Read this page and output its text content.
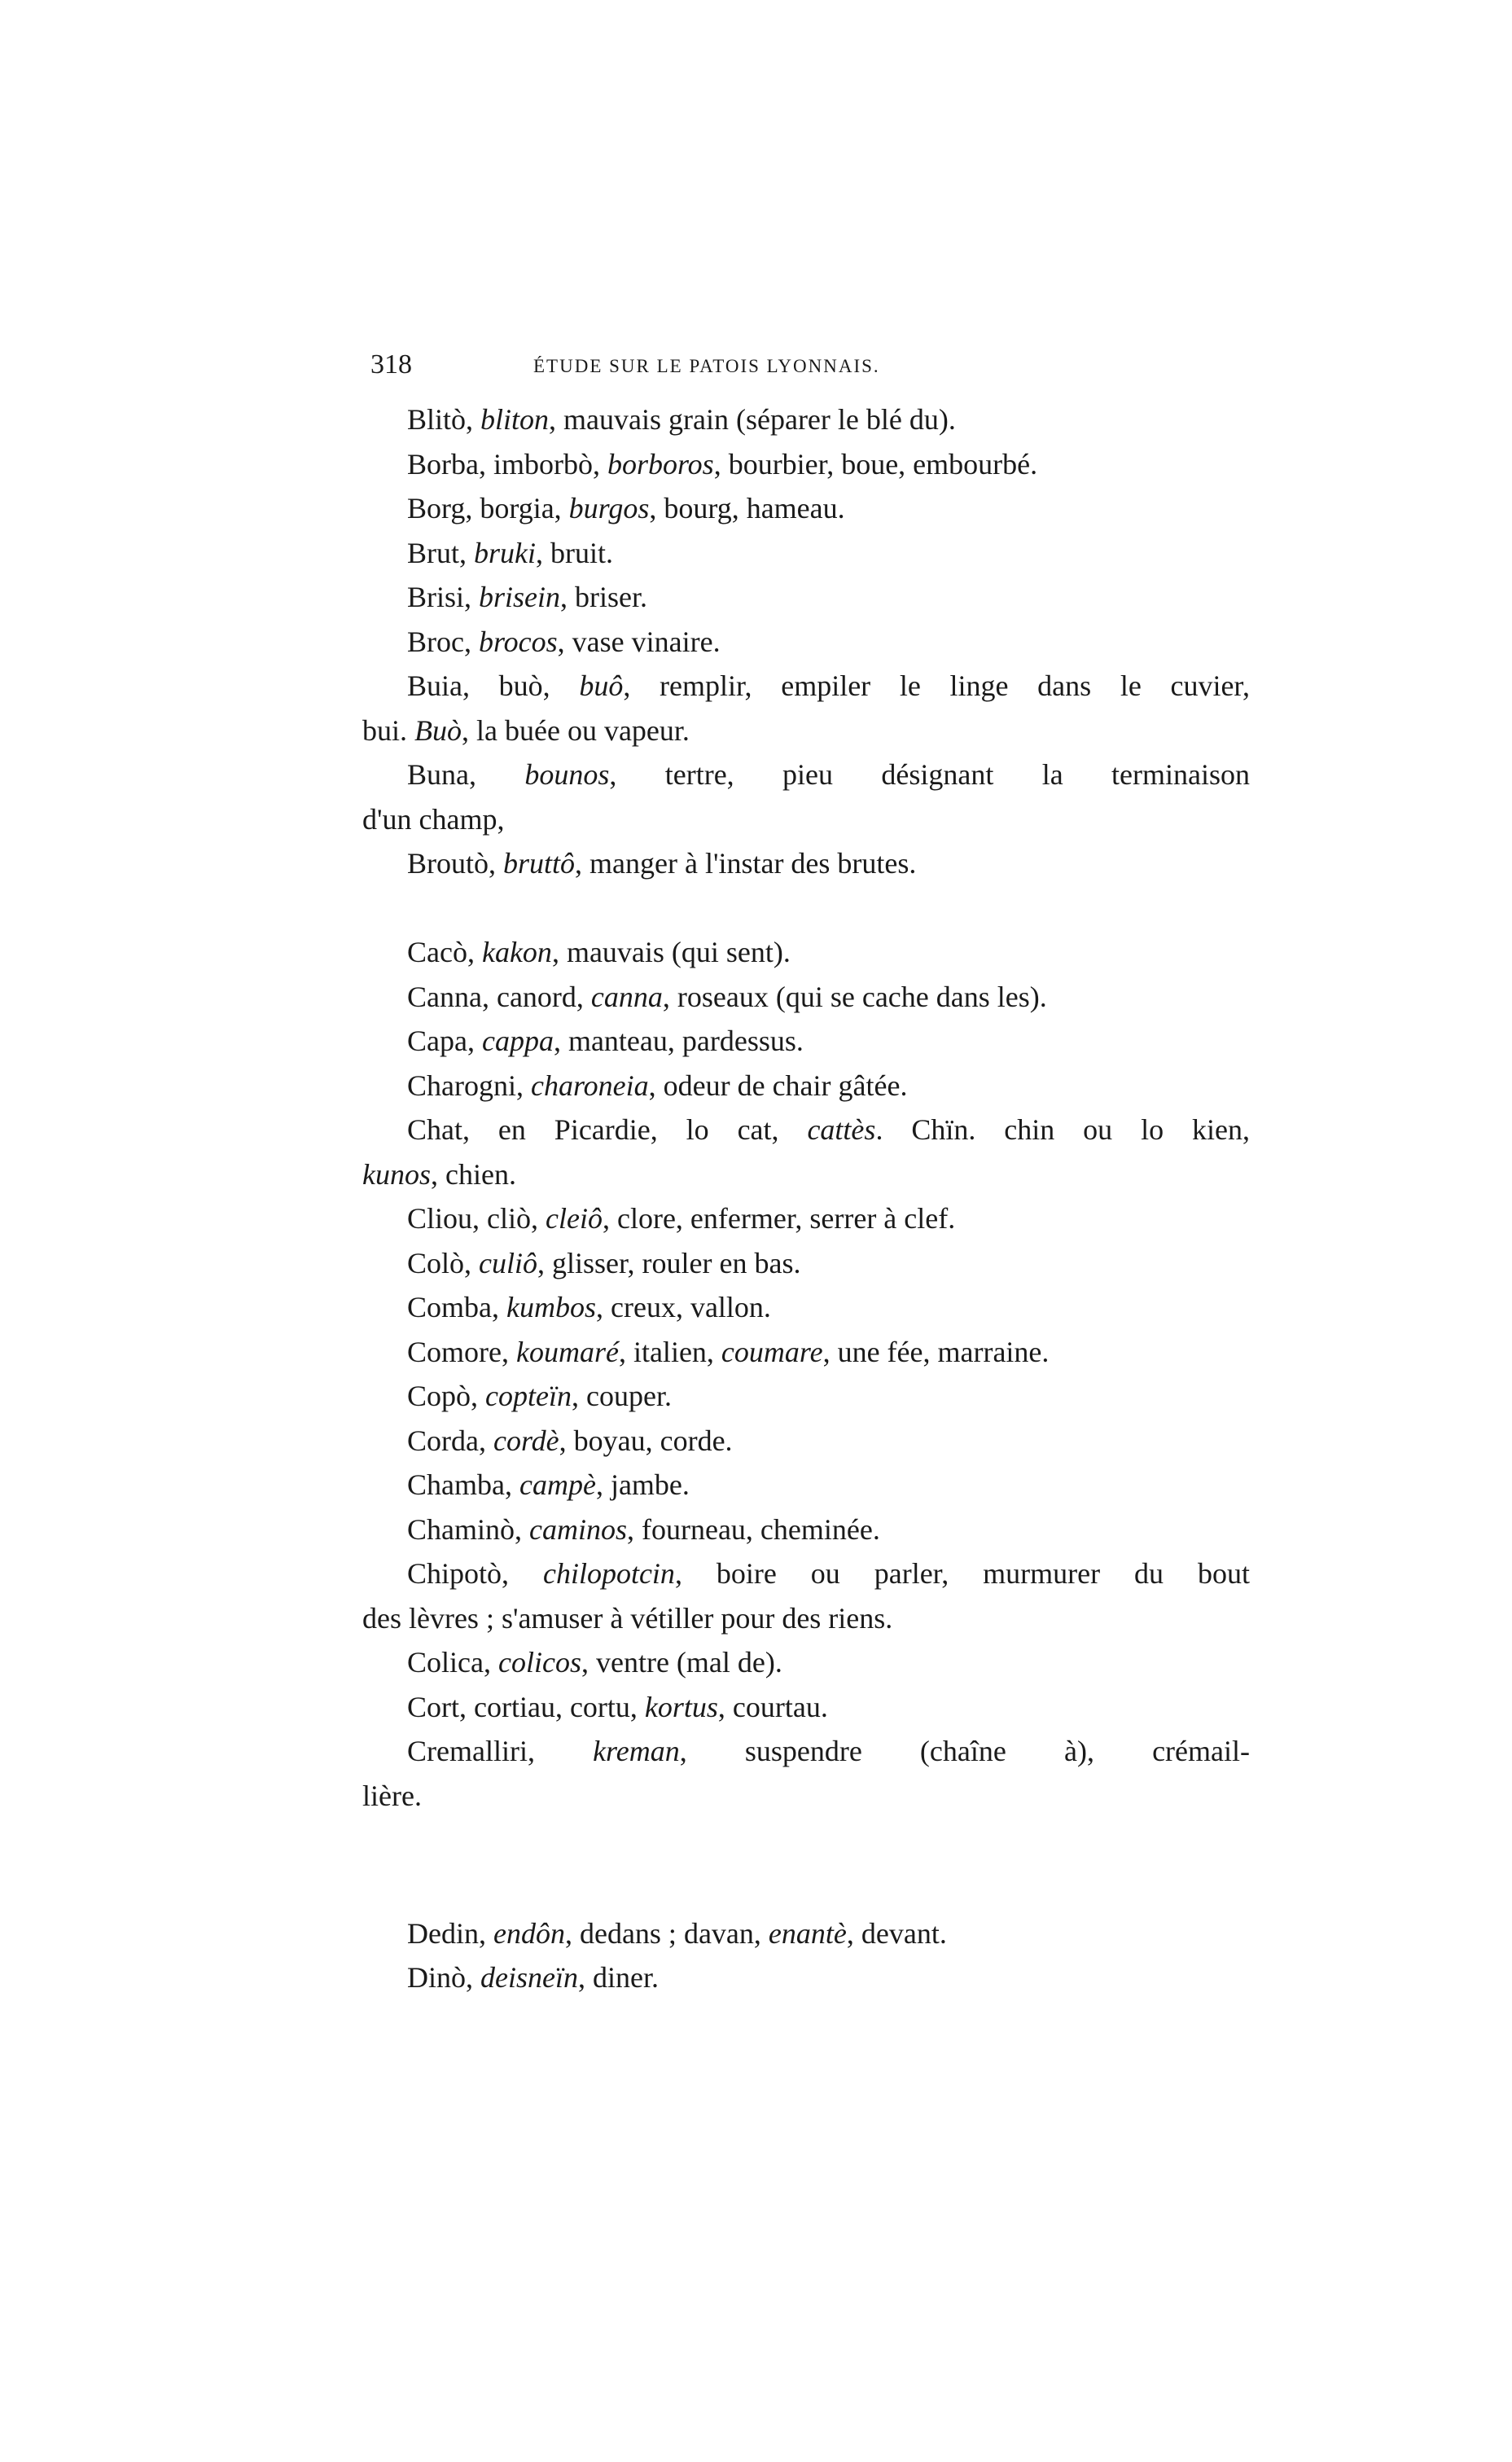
318	ÉTUDE SUR LE PATOIS LYONNAIS.
Blitò, bliton, mauvais grain (séparer le blé du).
Borba, imborbò, borboros, bourbier, boue, embourbé.
Borg, borgia, burgos, bourg, hameau.
Brut, bruki, bruit.
Brisi, brisein, briser.
Broc, brocos, vase vinaire.
Buia, buò, buô, remplir, empiler le linge dans le cuvier,
bui. Buò, la buée ou vapeur.
Buna, bounos, tertre, pieu désignant la terminaison
d'un champ,
Broutò, bruttô, manger à l'instar des brutes.
Cacò, kakon, mauvais (qui sent).
Canna, canord, canna, roseaux (qui se cache dans les).
Capa, cappa, manteau, pardessus.
Charogni, charoneia, odeur de chair gâtée.
Chat, en Picardie, lo cat, cattès. Chïn. chin ou lo kien,
kunos, chien.
Cliou, cliò, cleiô, clore, enfermer, serrer à clef.
Colò, culiô, glisser, rouler en bas.
Comba, kumbos, creux, vallon.
Comore, koumaré, italien, coumare, une fée, marraine.
Copò, copteïn, couper.
Corda, cordè, boyau, corde.
Chamba, campè, jambe.
Chaminò, caminos, fourneau, cheminée.
Chipotò, chilopotcin, boire ou parler, murmurer du bout
des lèvres ; s'amuser à vétiller pour des riens.
Colica, colicos, ventre (mal de).
Cort, cortiau, cortu, kortus, courtau.
Cremalliri, kreman, suspendre (chaîne à), crémail-
lière.
Dedin, endôn, dedans ; davan, enantè, devant.
Dinò, deisneïn, diner.
